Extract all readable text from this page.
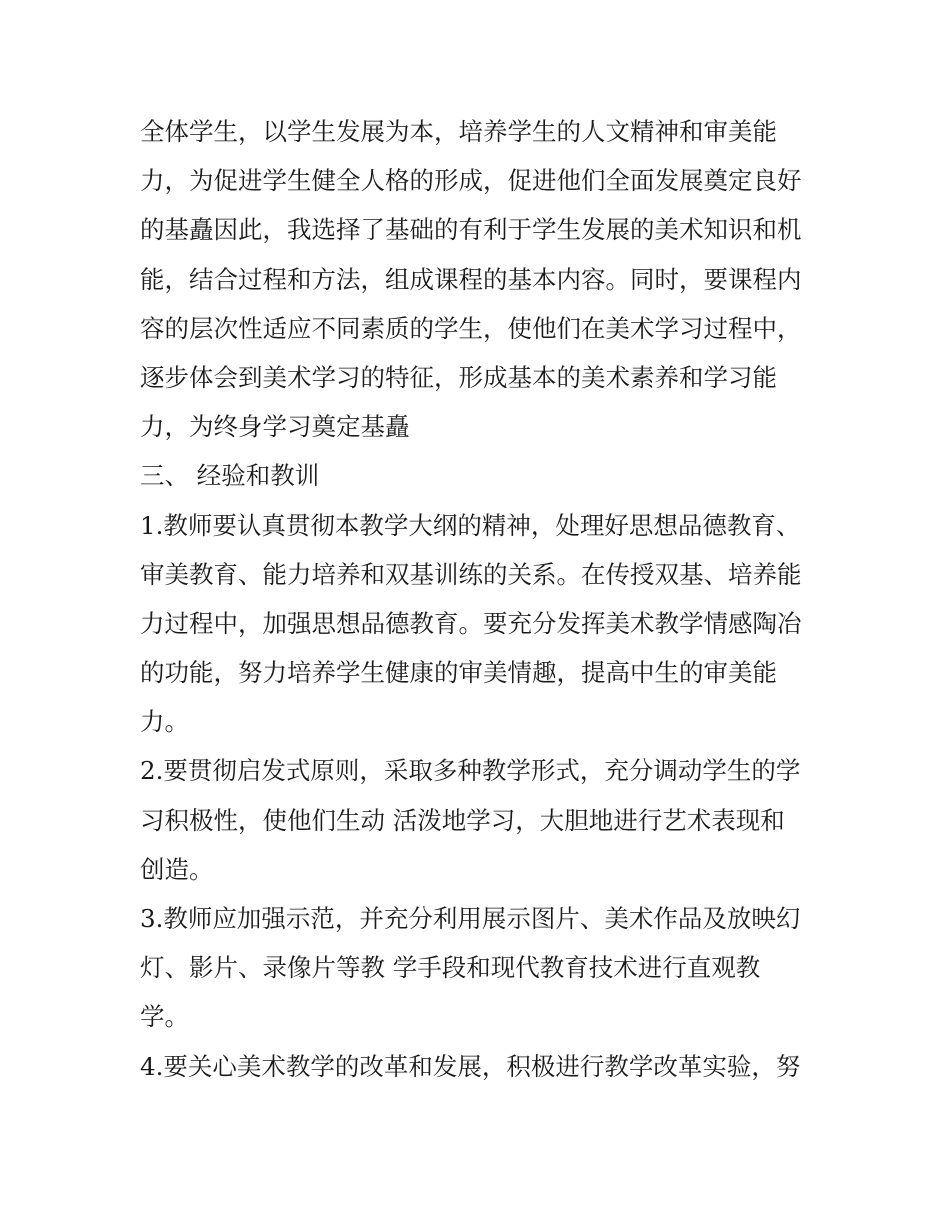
全体学生，以学生发展为本，培养学生的人文精神和审美能
力，为促进学生健全人格的形成，促进他们全面发展奠定良好
的基矗因此，我选择了基础的有利于学生发展的美术知识和机
能，结合过程和方法，组成课程的基本内容。同时，要课程内
容的层次性适应不同素质的学生，使他们在美术学习过程中，
逐步体会到美术学习的特征，形成基本的美术素养和学习能
力，为终身学习奠定基矗
三、 经验和教训
1.教师要认真贯彻本教学大纲的精神，处理好思想品德教育、
审美教育、能力培养和双基训练的关系。在传授双基、培养能
力过程中，加强思想品德教育。要充分发挥美术教学情感陶冶
的功能，努力培养学生健康的审美情趣，提高中生的审美能
力。
2.要贯彻启发式原则，采取多种教学形式，充分调动学生的学
习积极性，使他们生动 活泼地学习，大胆地进行艺术表现和
创造。
3.教师应加强示范，并充分利用展示图片、美术作品及放映幻
灯、影片、录像片等教 学手段和现代教育技术进行直观教
学。
4.要关心美术教学的改革和发展，积极进行教学改革实验，努
